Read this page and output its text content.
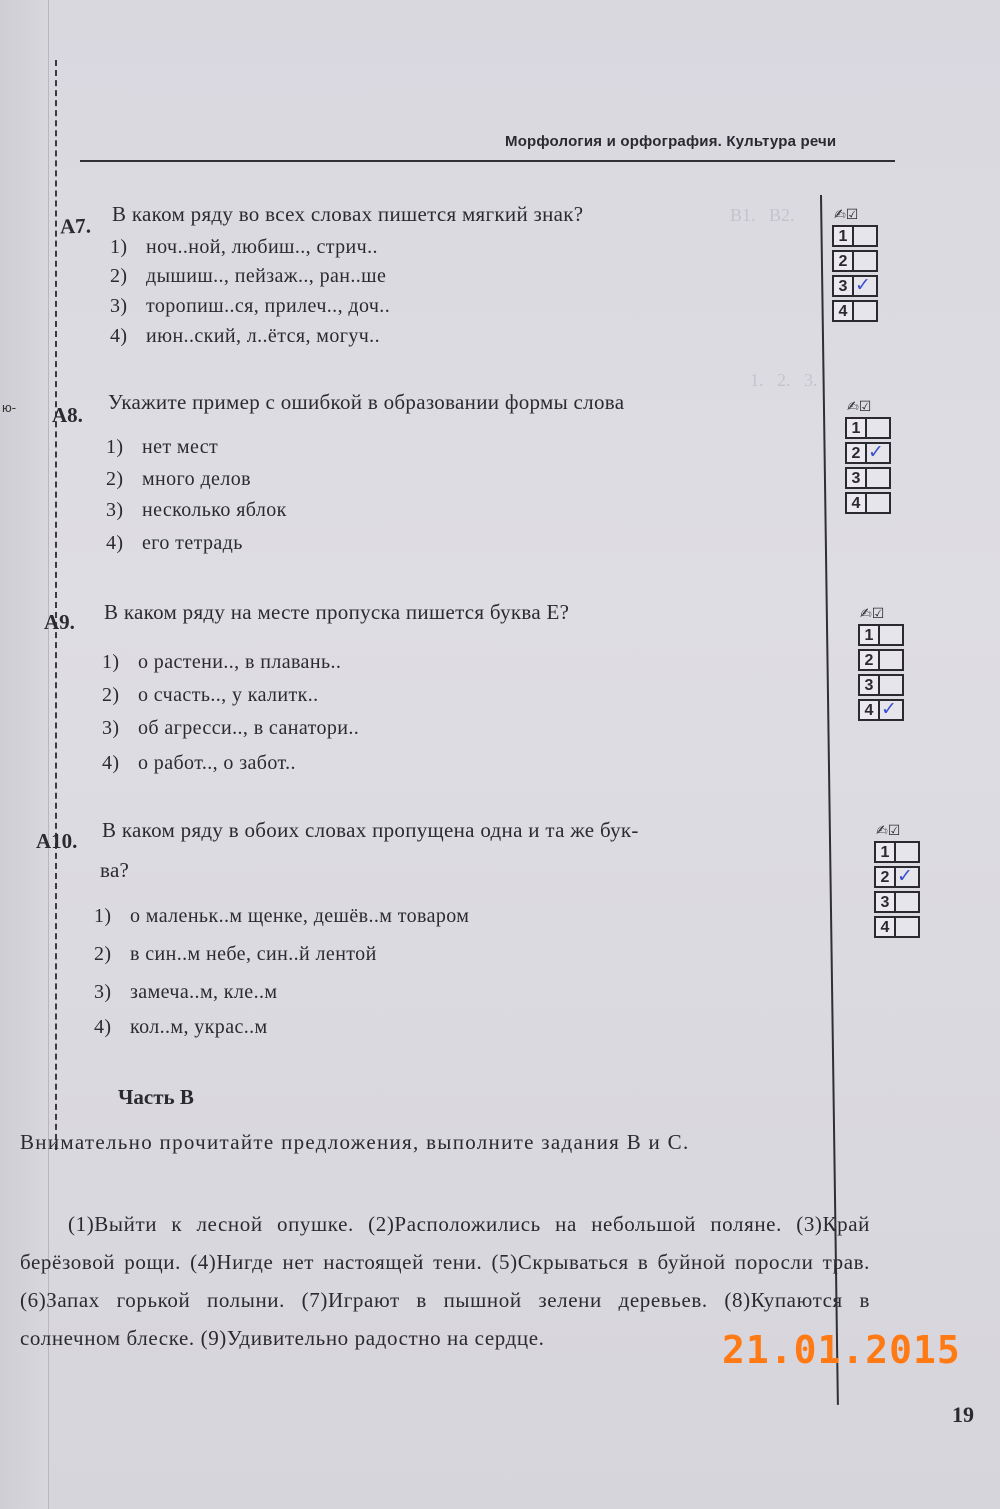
ю-
В1.   В2.
1.   2.   3.
Морфология и орфография. Культура речи
A7. В каком ряду во всех словах пишется мягкий знак?
1) ноч..ной, любиш.., стрич..
2) дышиш.., пейзаж.., ран..ше
3) торопиш..ся, прилеч.., доч..
4) июн..ский, л..ётся, могуч..
✍☑
1
2
3 ✓
4
A8.
Укажите пример с ошибкой в образовании формы слова
1) нет мест
2) много делов
3) несколько яблок
4) его тетрадь
✍☑
1
2 ✓
3
4
A9. В каком ряду на месте пропуска пишется буква Е?
1) о растени.., в плавань..
2) о счасть.., у калитк..
3) об агресси.., в санатори..
4) о работ.., о забот..
✍☑
1
2
3
4 ✓
A10. В каком ряду в обоих словах пропущена одна и та же бук-
ва?
1) о маленьк..м щенке, дешёв..м товаром
2) в син..м небе, син..й лентой
3) замеча..м, кле..м
4) кол..м, украс..м
✍☑
1
2 ✓
3
4
Часть В
Внимательно прочитайте предложения, выполните задания В и С.
(1)Выйти к лесной опушке. (2)Расположились на небольшой поляне. (3)Край берёзовой рощи. (4)Нигде нет настоящей тени. (5)Скрываться в буйной поросли трав. (6)Запах горькой полыни. (7)Играют в пышной зелени деревьев. (8)Купаются в солнечном блеске. (9)Удивительно радостно на сердце.
19
21.01.2015
